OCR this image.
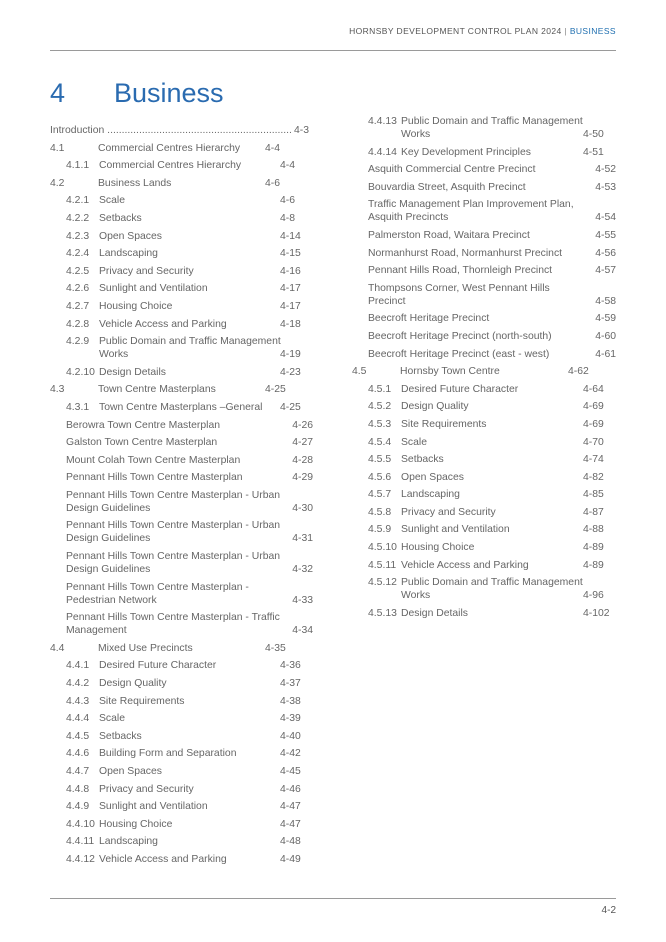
HORNSBY DEVELOPMENT CONTROL PLAN 2024 | BUSINESS
4 Business
Introduction ................................................................ 4-3
4.1	Commercial Centres Hierarchy 4-4
4.1.1 Commercial Centres Hierarchy	4-4
4.2	Business Lands	4-6
4.2.1 Scale	4-6
4.2.2 Setbacks	4-8
4.2.3 Open Spaces	4-14
4.2.4 Landscaping	4-15
4.2.5 Privacy and Security	4-16
4.2.6 Sunlight and Ventilation	4-17
4.2.7 Housing Choice	4-17
4.2.8 Vehicle Access and Parking	4-18
4.2.9 Public Domain and Traffic Management Works	4-19
4.2.10 Design Details	4-23
4.3	Town Centre Masterplans	4-25
4.3.1 Town Centre Masterplans –General 4-25
Berowra Town Centre Masterplan	4-26
Galston Town Centre Masterplan	4-27
Mount Colah Town Centre Masterplan	4-28
Pennant Hills Town Centre Masterplan	4-29
Pennant Hills Town Centre Masterplan - Urban Design Guidelines	4-30
Pennant Hills Town Centre Masterplan - Urban Design Guidelines	4-31
Pennant Hills Town Centre Masterplan - Urban Design Guidelines	4-32
Pennant Hills Town Centre Masterplan - Pedestrian Network	4-33
Pennant Hills Town Centre Masterplan - Traffic Management	4-34
4.4	Mixed Use Precincts	4-35
4.4.1 Desired Future Character	4-36
4.4.2 Design Quality	4-37
4.4.3 Site Requirements	4-38
4.4.4 Scale	4-39
4.4.5 Setbacks	4-40
4.4.6 Building Form and Separation	4-42
4.4.7 Open Spaces	4-45
4.4.8 Privacy and Security	4-46
4.4.9 Sunlight and Ventilation	4-47
4.4.10 Housing Choice	4-47
4.4.11 Landscaping	4-48
4.4.12 Vehicle Access and Parking	4-49
4.4.13 Public Domain and Traffic Management Works	4-50
4.4.14 Key Development Principles	4-51
Asquith Commercial Centre Precinct	4-52
Bouvardia Street, Asquith Precinct	4-53
Traffic Management Plan Improvement Plan, Asquith Precincts	4-54
Palmerston Road, Waitara Precinct	4-55
Normanhurst Road, Normanhurst Precinct	4-56
Pennant Hills Road, Thornleigh Precinct	4-57
Thompsons Corner, West Pennant Hills Precinct	4-58
Beecroft Heritage Precinct	4-59
Beecroft Heritage Precinct (north-south)	4-60
Beecroft Heritage Precinct (east - west)	4-61
4.5	Hornsby Town Centre	4-62
4.5.1 Desired Future Character	4-64
4.5.2 Design Quality	4-69
4.5.3 Site Requirements	4-69
4.5.4 Scale	4-70
4.5.5 Setbacks	4-74
4.5.6 Open Spaces	4-82
4.5.7 Landscaping	4-85
4.5.8 Privacy and Security	4-87
4.5.9 Sunlight and Ventilation	4-88
4.5.10 Housing Choice	4-89
4.5.11 Vehicle Access and Parking	4-89
4.5.12 Public Domain and Traffic Management Works	4-96
4.5.13 Design Details	4-102
4-2
